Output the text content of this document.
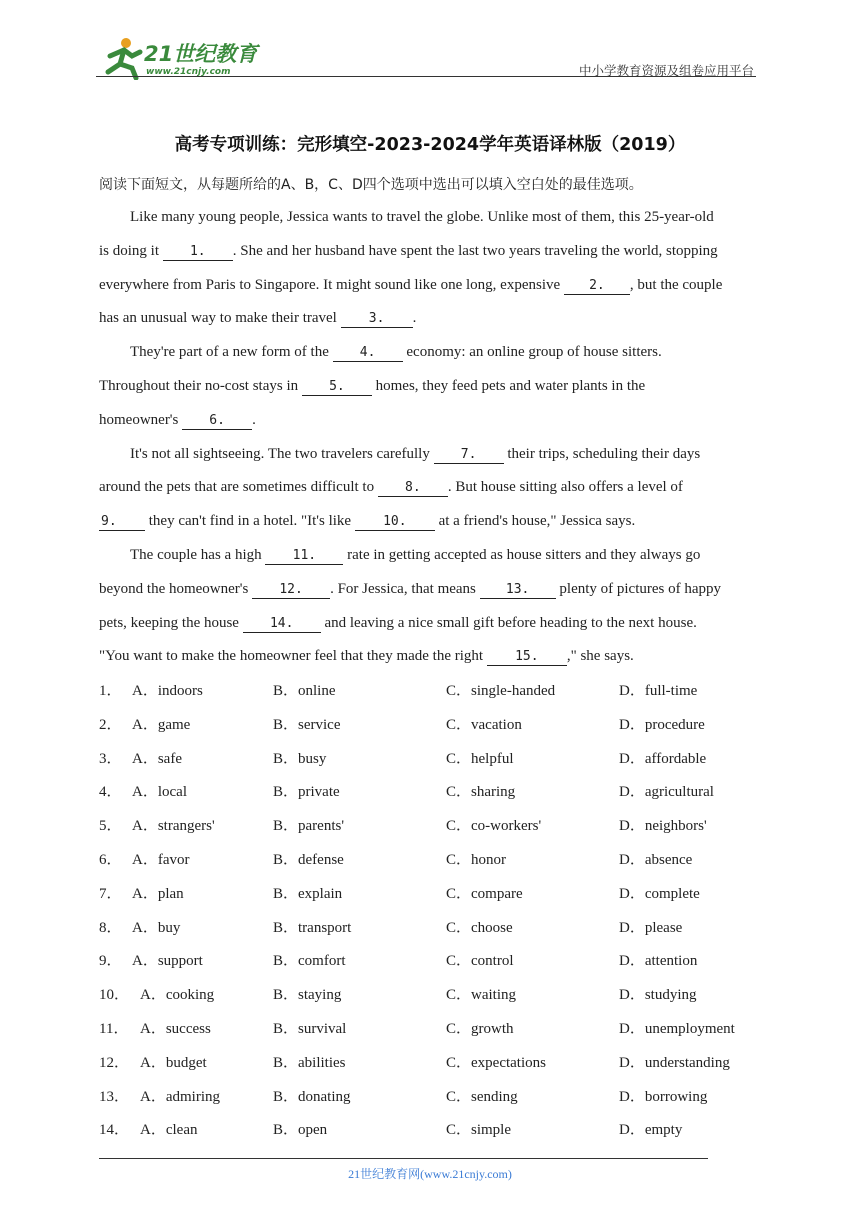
21世纪教育
www.21cnjy.com	中小学教育资源及组卷应用平台
高考专项训练：完形填空-2023-2024学年英语译林版（2019）
阅读下面短文，从每题所给的A、B，C、D四个选项中选出可以填入空白处的最佳选项。
Like many young people, Jessica wants to travel the globe. Unlike most of them, this 25-year-old
is doing it 1. . She and her husband have spent the last two years traveling the world, stopping
everywhere from Paris to Singapore. It might sound like one long, expensive 2. , but the couple
has an unusual way to make their travel 3. .
They're part of a new form of the 4. economy: an online group of house sitters.
Throughout their no-cost stays in 5. homes, they feed pets and water plants in the
homeowner's 6. .
It's not all sightseeing. The two travelers carefully 7. their trips, scheduling their days
around the pets that are sometimes difficult to 8. . But house sitting also offers a level of
9. they can't find in a hotel. "It's like 10. at a friend's house," Jessica says.
The couple has a high 11. rate in getting accepted as house sitters and they always go
beyond the homeowner's 12. . For Jessica, that means 13. plenty of pictures of happy
pets, keeping the house 14. and leaving a nice small gift before heading to the next house.
"You want to make the homeowner feel that they made the right 15. ," she says.
1． A．indoors	B．online	C．single-handed	D．full-time
2． A．game	B．service	C．vacation	D．procedure
3． A．safe	B．busy	C．helpful	D．affordable
4． A．local	B．private	C．sharing	D．agricultural
5． A．strangers'	B．parents'	C．co-workers'	D．neighbors'
6． A．favor	B．defense	C．honor	D．absence
7． A．plan	B．explain	C．compare	D．complete
8． A．buy	B．transport	C．choose	D．please
9． A．support	B．comfort	C．control	D．attention
10． A．cooking	B．staying	C．waiting	D．studying
11． A．success	B．survival	C．growth	D．unemployment
12． A．budget	B．abilities	C．expectations	D．understanding
13． A．admiring	B．donating	C．sending	D．borrowing
14． A．clean	B．open	C．simple	D．empty
21世纪教育网(www.21cnjy.com)
